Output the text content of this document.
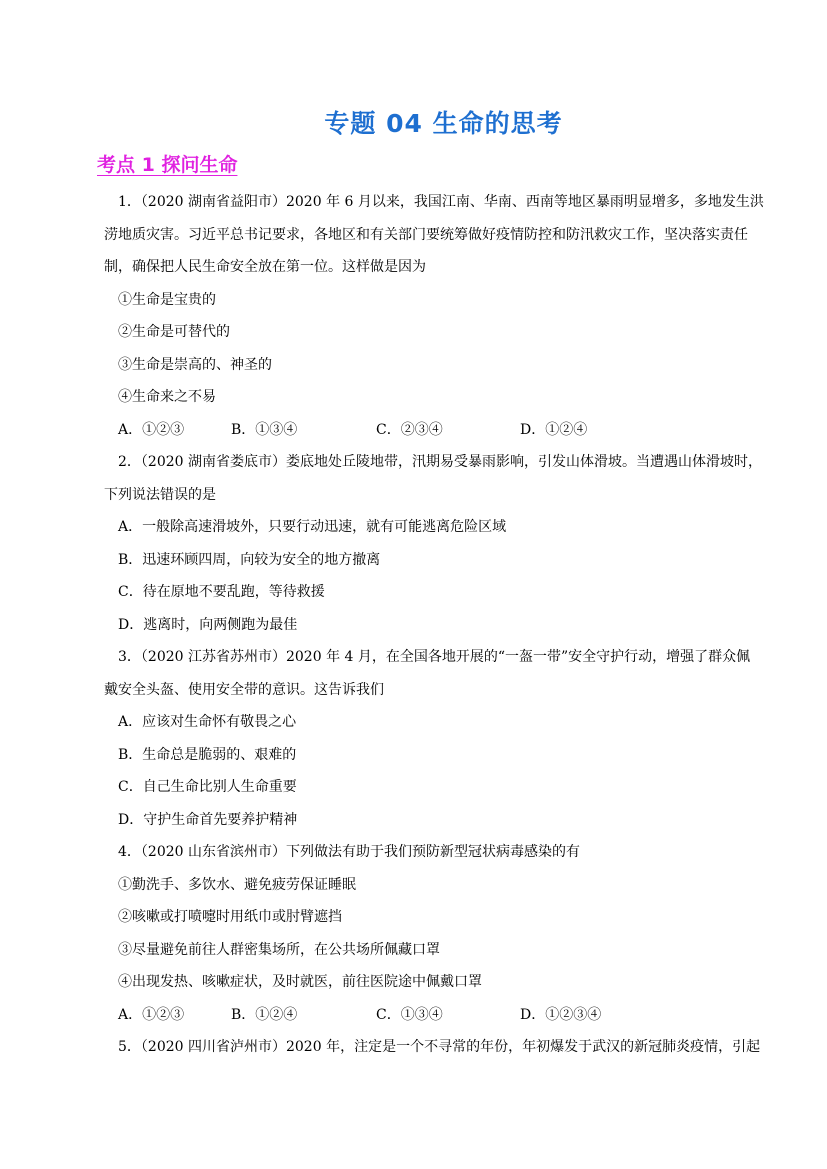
专题 04 生命的思考
考点 1 探问生命

1．（2020 湖南省益阳市）2020 年 6 月以来，我国江南、华南、西南等地区暴雨明显增多，多地发生洪涝地质灾害。习近平总书记要求，各地区和有关部门要统筹做好疫情防控和防汛救灾工作，坚决落实责任制，确保把人民生命安全放在第一位。这样做是因为

①生命是宝贵的

②生命是可替代的

③生命是崇高的、神圣的

④生命来之不易

A．①②③	B．①③④	C．②③④	D．①②④

2．（2020 湖南省娄底市）娄底地处丘陵地带，汛期易受暴雨影响，引发山体滑坡。当遭遇山体滑坡时，下列说法错误的是

A．一般除高速滑坡外，只要行动迅速，就有可能逃离危险区域

B．迅速环顾四周，向较为安全的地方撤离

C．待在原地不要乱跑，等待救援

D．逃离时，向两侧跑为最佳

3．（2020 江苏省苏州市）2020 年 4 月，在全国各地开展的“一盔一带”安全守护行动，增强了群众佩戴安全头盔、使用安全带的意识。这告诉我们

A．应该对生命怀有敬畏之心

B．生命总是脆弱的、艰难的

C．自己生命比别人生命重要

D．守护生命首先要养护精神

4．（2020 山东省滨州市）下列做法有助于我们预防新型冠状病毒感染的有

①勤洗手、多饮水、避免疲劳保证睡眠

②咳嗽或打喷嚏时用纸巾或肘臂遮挡

③尽量避免前往人群密集场所，在公共场所佩藏口罩

④出现发热、咳嗽症状，及时就医，前往医院途中佩戴口罩

A．①②③	B．①②④	C．①③④	D．①②③④

5．（2020 四川省泸州市）2020 年，注定是一个不寻常的年份，年初爆发于武汉的新冠肺炎疫情，引起
